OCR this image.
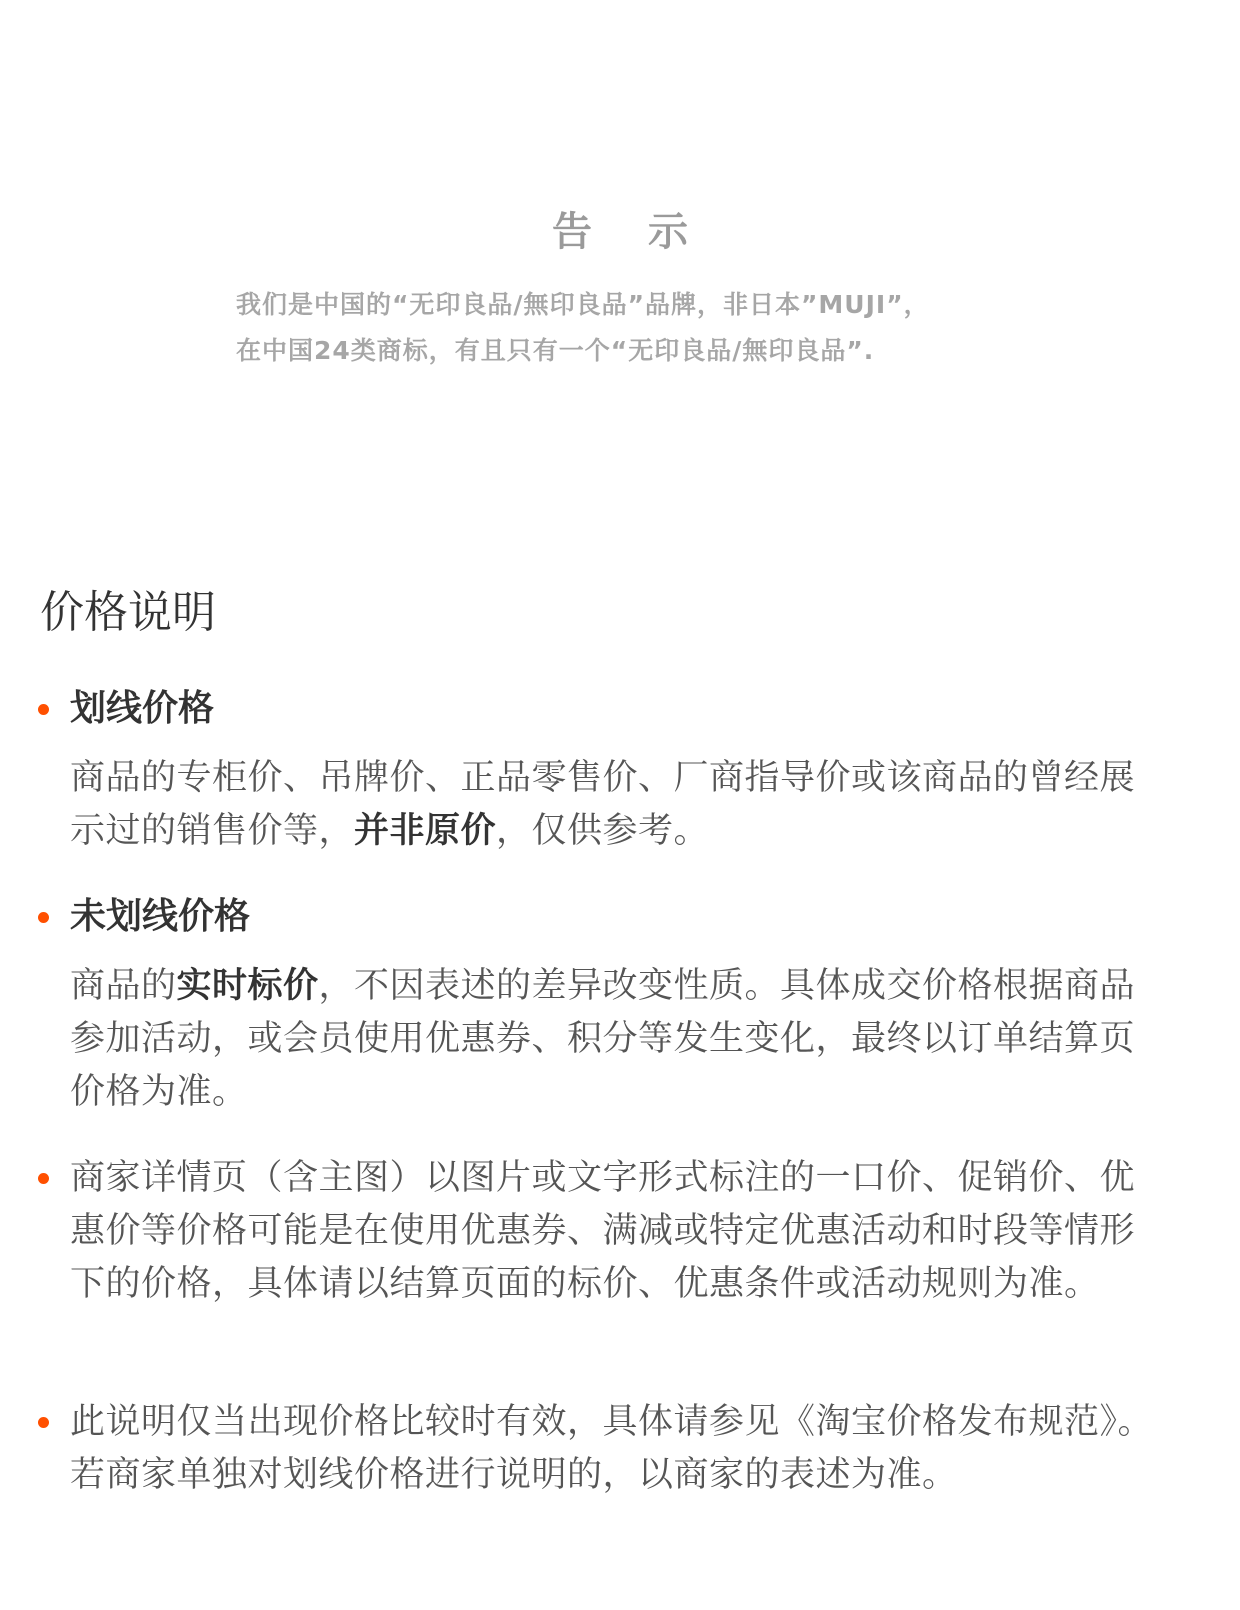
告示
我们是中国的“无印良品/無印良品”品牌，非日本”MUJI”，在中国24类商标，有且只有一个“无印良品/無印良品”.
价格说明
划线价格
商品的专柜价、吊牌价、正品零售价、厂商指导价或该商品的曾经展示过的销售价等，并非原价，仅供参考。
未划线价格
商品的实时标价，不因表述的差异改变性质。具体成交价格根据商品参加活动，或会员使用优惠券、积分等发生变化，最终以订单结算页价格为准。
商家详情页（含主图）以图片或文字形式标注的一口价、促销价、优惠价等价格可能是在使用优惠券、满减或特定优惠活动和时段等情形下的价格，具体请以结算页面的标价、优惠条件或活动规则为准。
此说明仅当出现价格比较时有效，具体请参见《淘宝价格发布规范》。若商家单独对划线价格进行说明的，以商家的表述为准。
